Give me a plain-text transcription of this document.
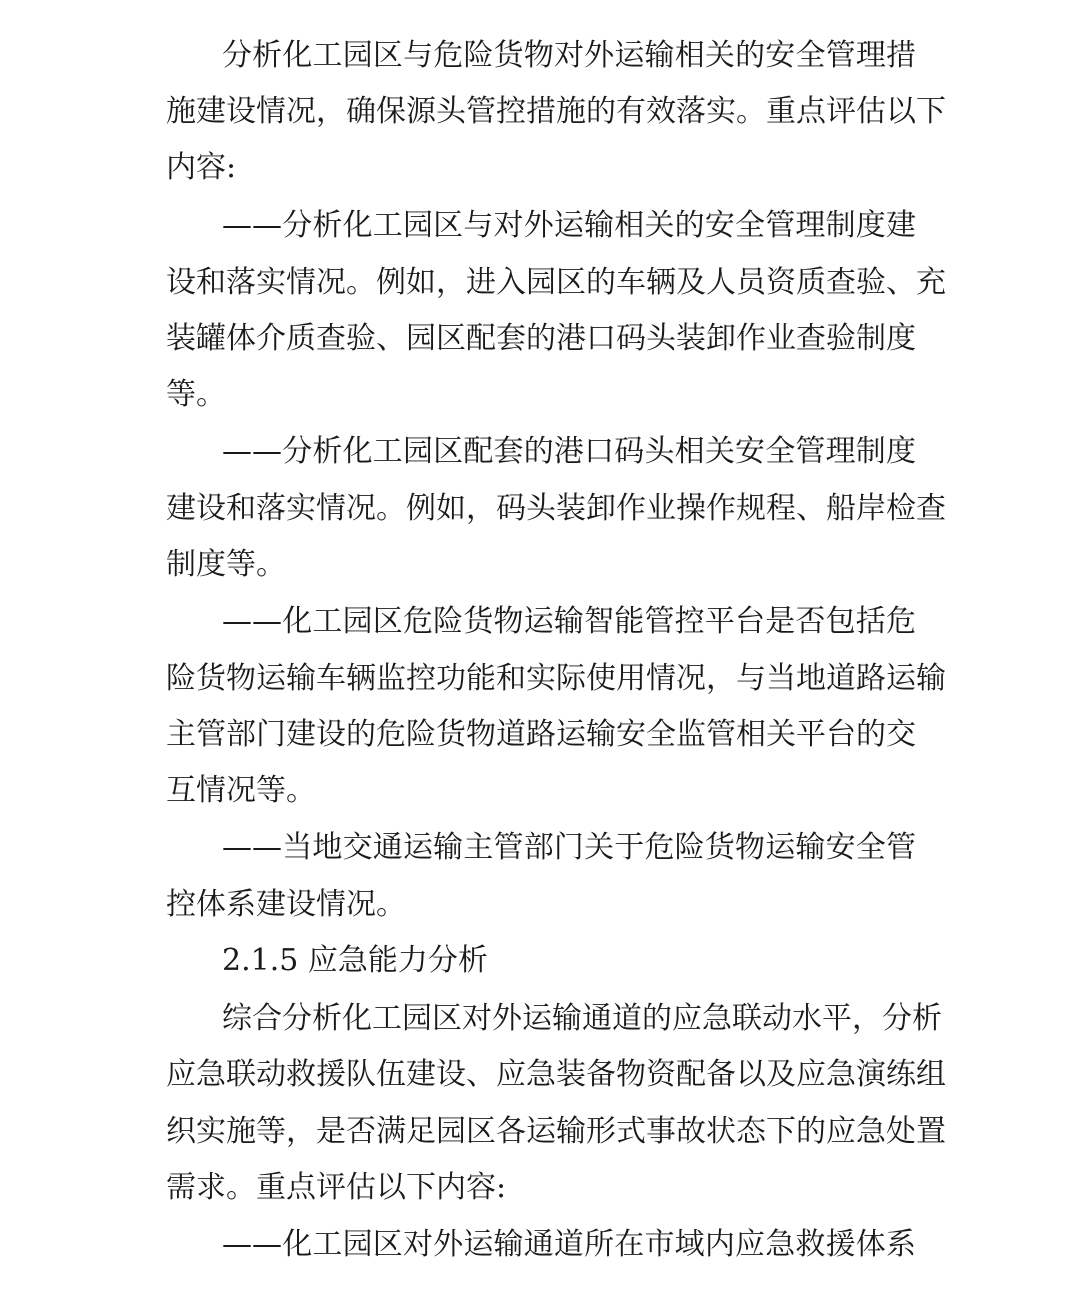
分析化工园区与危险货物对外运输相关的安全管理措
施建设情况，确保源头管控措施的有效落实。重点评估以下
内容:
——分析化工园区与对外运输相关的安全管理制度建
设和落实情况。例如，进入园区的车辆及人员资质查验、充
装罐体介质查验、园区配套的港口码头装卸作业查验制度
等。
——分析化工园区配套的港口码头相关安全管理制度
建设和落实情况。例如，码头装卸作业操作规程、船岸检查
制度等。
——化工园区危险货物运输智能管控平台是否包括危
险货物运输车辆监控功能和实际使用情况，与当地道路运输
主管部门建设的危险货物道路运输安全监管相关平台的交
互情况等。
——当地交通运输主管部门关于危险货物运输安全管
控体系建设情况。
2.1.5 应急能力分析
综合分析化工园区对外运输通道的应急联动水平，分析
应急联动救援队伍建设、应急装备物资配备以及应急演练组
织实施等，是否满足园区各运输形式事故状态下的应急处置
需求。重点评估以下内容:
——化工园区对外运输通道所在市域内应急救援体系
